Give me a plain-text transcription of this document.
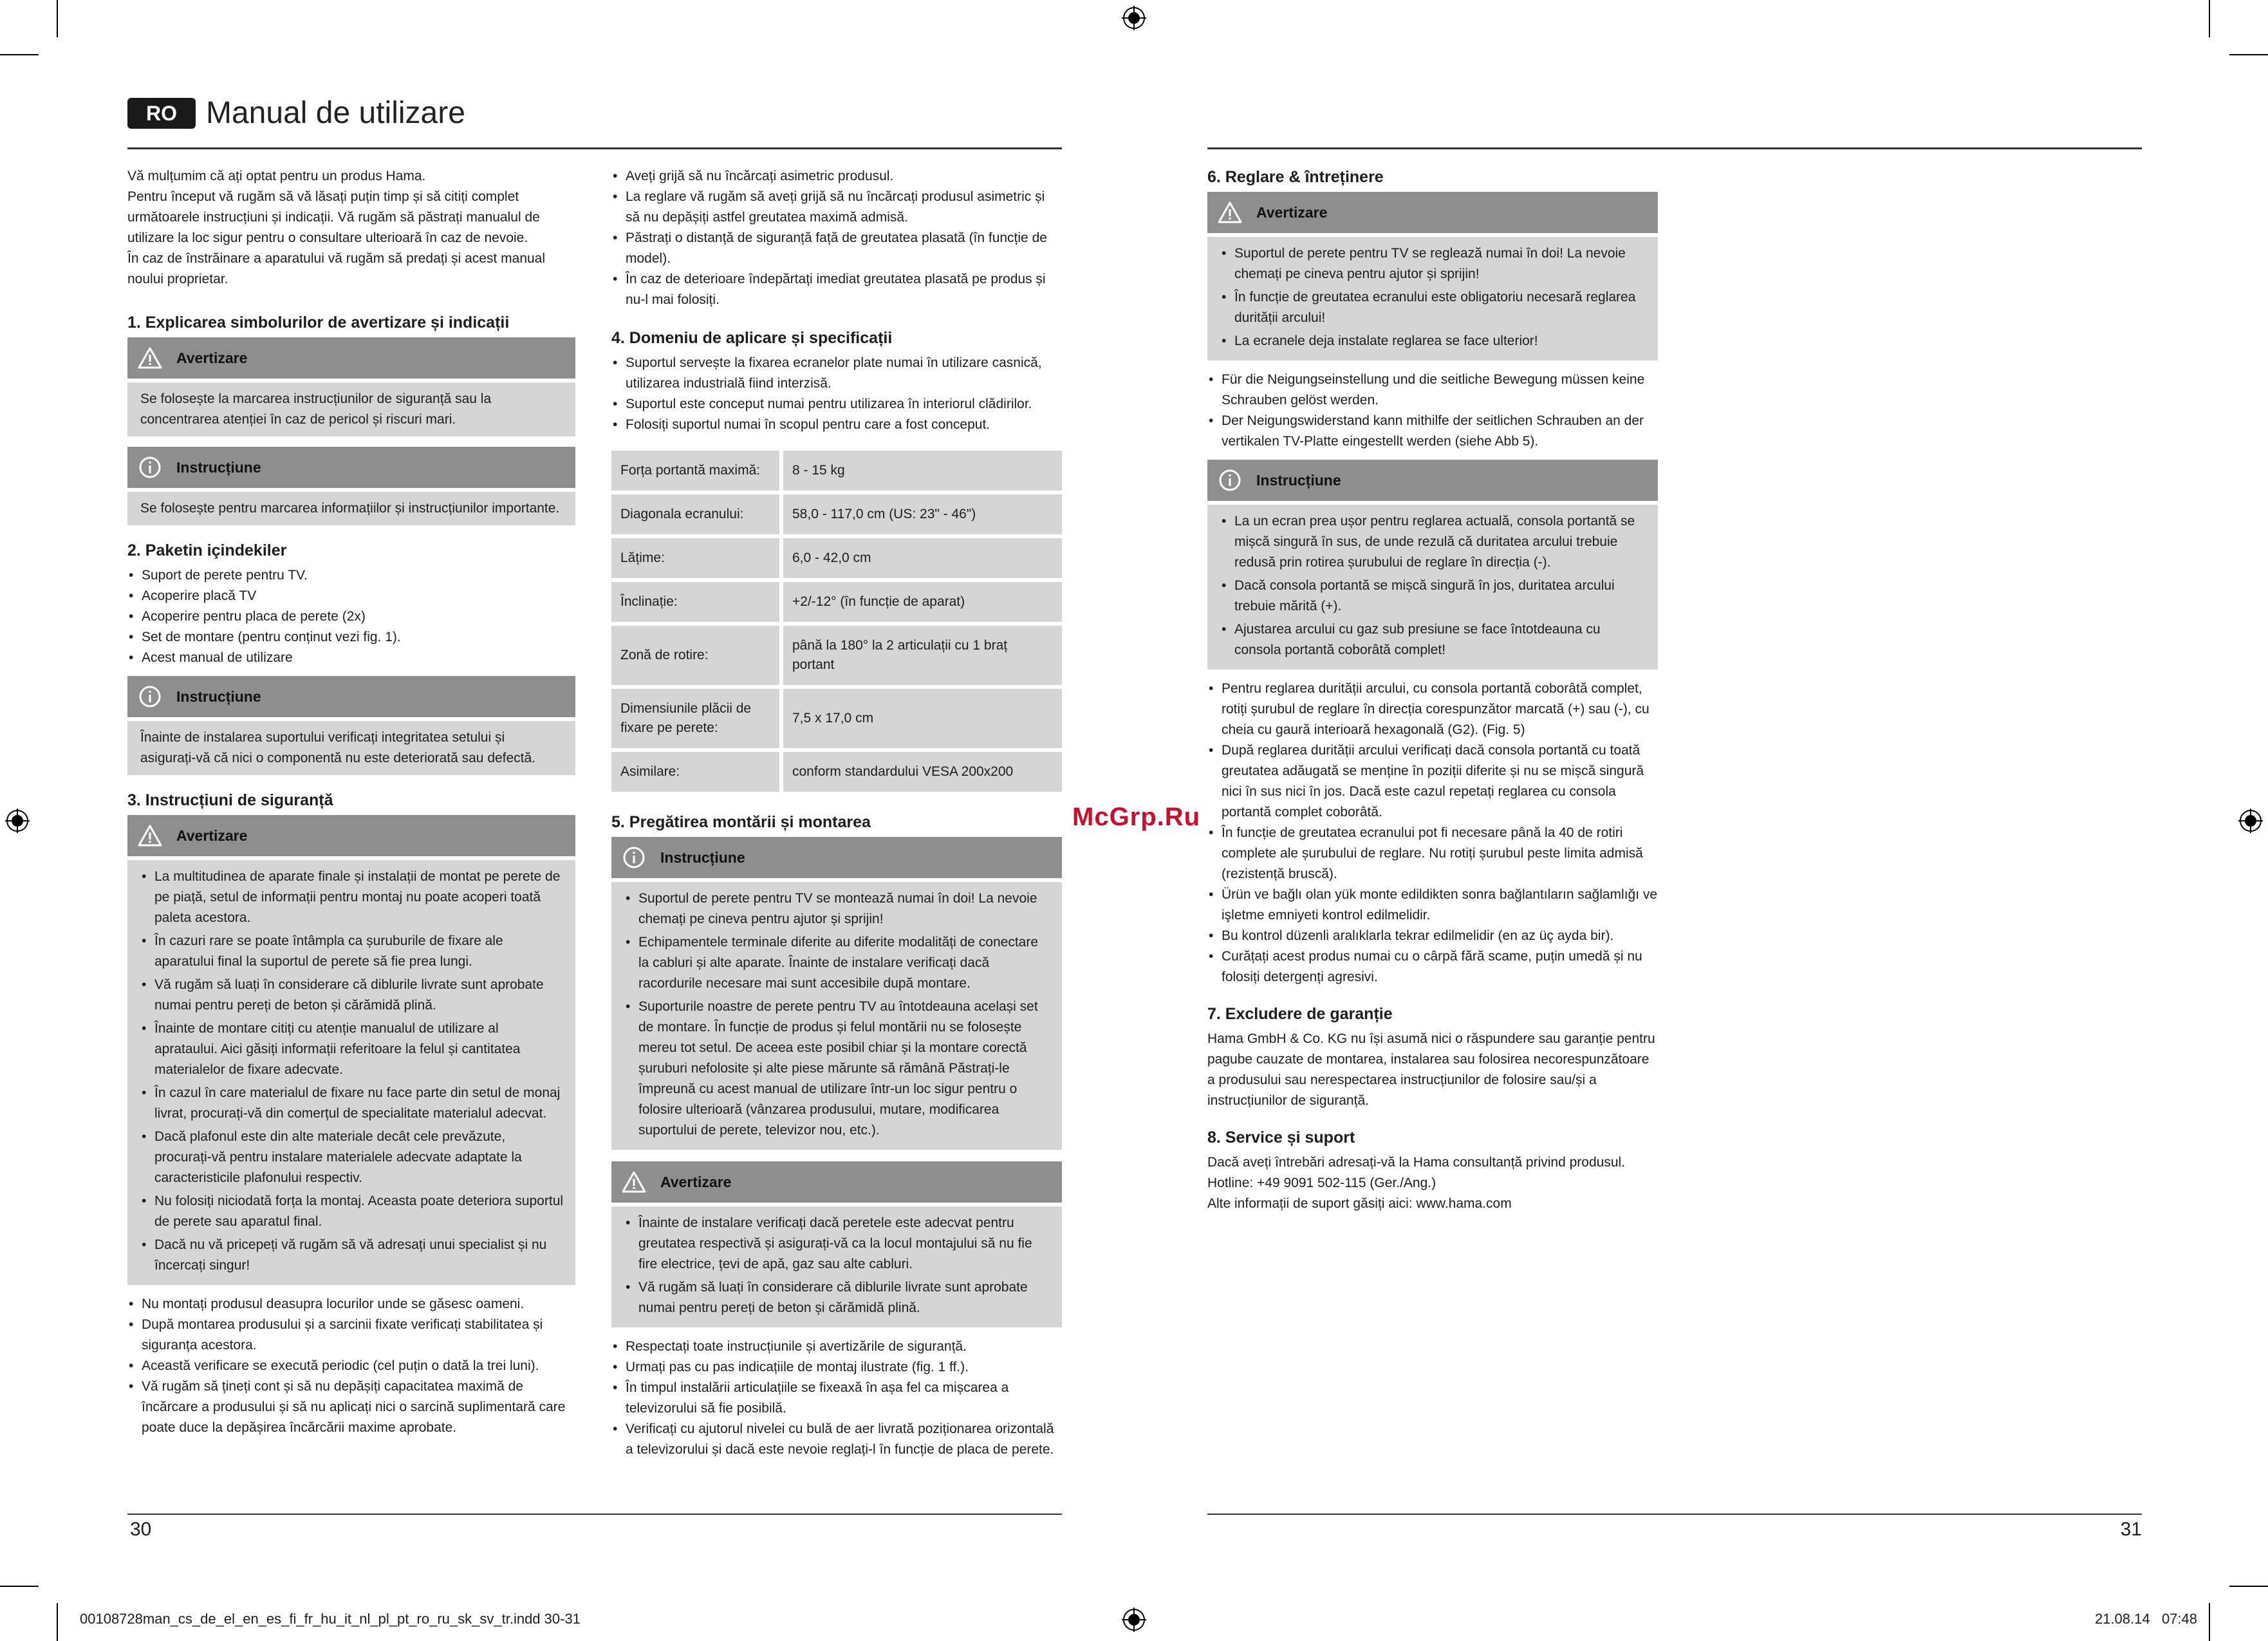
RO Manual de utilizare

Vă mulțumim că ați optat pentru un produs Hama.

Pentru început vă rugăm să vă lăsați puțin timp și să citiți complet următoarele instrucțiuni și indicații. Vă rugăm să păstrați manualul de utilizare la loc sigur pentru o consultare ulterioară în caz de nevoie.

În caz de înstrăinare a aparatului vă rugăm să predați și acest manual noului proprietar.

1. Explicarea simbolurilor de avertizare și indicații
Avertizare

Se folosește la marcarea instrucțiunilor de siguranță sau la concentrarea atenției în caz de pericol și riscuri mari.

Instrucțiune

Se folosește pentru marcarea informațiilor și instrucțiunilor importante.

2. Paketin içindekiler
• Suport de perete pentru TV.
• Acoperire placă TV
• Acoperire pentru placa de perete (2x)
• Set de montare (pentru conținut vezi fig. 1).
• Acest manual de utilizare
Instrucțiune

Înainte de instalarea suportului verificați integritatea setului și asigurați-vă că nici o componentă nu este deteriorată sau defectă.

3. Instrucțiuni de siguranță
Avertizare
• La multitudinea de aparate finale și instalații de montat pe perete de pe piață, setul de informații pentru montaj nu poate acoperi toată paleta acestora.
• În cazuri rare se poate întâmpla ca șuruburile de fixare ale aparatului final la suportul de perete să fie prea lungi.
• Vă rugăm să luați în considerare că diblurile livrate sunt aprobate numai pentru pereți de beton și cărămidă plină.
• Înainte de montare citiți cu atenție manualul de utilizare al aprataului. Aici găsiți informații referitoare la felul și cantitatea materialelor de fixare adecvate.
• În cazul în care materialul de fixare nu face parte din setul de monaj livrat, procurați-vă din comerțul de specialitate materialul adecvat.
• Dacă plafonul este din alte materiale decât cele prevăzute, procurați-vă pentru instalare materialele adecvate adaptate la caracteristicile plafonului respectiv.
• Nu folosiți niciodată forța la montaj. Aceasta poate deteriora suportul de perete sau aparatul final.
• Dacă nu vă pricepeți vă rugăm să vă adresați unui specialist și nu încercați singur!
• Nu montați produsul deasupra locurilor unde se găsesc oameni.
• După montarea produsului și a sarcinii fixate verificați stabilitatea și siguranța acestora.
• Această verificare se execută periodic (cel puțin o dată la trei luni).
• Vă rugăm să țineți cont și să nu depășiți capacitatea maximă de încărcare a produsului și să nu aplicați nici o sarcină suplimentară care poate duce la depășirea încărcării maxime aprobate.
• Aveți grijă să nu încărcați asimetric produsul.
• La reglare vă rugăm să aveți grijă să nu încărcați produsul asimetric și să nu depășiți astfel greutatea maximă admisă.
• Păstrați o distanță de siguranță față de greutatea plasată (în funcție de model).
• În caz de deterioare îndepărtați imediat greutatea plasată pe produs și nu-l mai folosiți.
4. Domeniu de aplicare și specificații
• Suportul servește la fixarea ecranelor plate numai în utilizare casnică, utilizarea industrială fiind interzisă.
• Suportul este conceput numai pentru utilizarea în interiorul clădirilor.
• Folosiți suportul numai în scopul pentru care a fost conceput.
Forța portantă maximă:	8 - 15 kg
Diagonala ecranului:	58,0 - 117,0 cm (US: 23" - 46")
Lățime:	6,0 - 42,0 cm
Înclinație:	+2/-12° (în funcție de aparat)
Zonă de rotire:	până la 180° la 2 articulații cu 1 braț portant
Dimensiunile plăcii de fixare pe perete:	7,5 x 17,0 cm
Asimilare:	conform standardului VESA 200x200
5. Pregătirea montării și montarea
Instrucțiune
• Suportul de perete pentru TV se montează numai în doi! La nevoie chemați pe cineva pentru ajutor și sprijin!
• Echipamentele terminale diferite au diferite modalități de conectare la cabluri și alte aparate. Înainte de instalare verificați dacă racordurile necesare mai sunt accesibile după montare.
• Suporturile noastre de perete pentru TV au întotdeauna același set de montare. În funcție de produs și felul montării nu se folosește mereu tot setul. De aceea este posibil chiar și la montare corectă șuruburi nefolosite și alte piese mărunte să rămână Păstrați-le împreună cu acest manual de utilizare într-un loc sigur pentru o folosire ulterioară (vânzarea produsului, mutare, modificarea suportului de perete, televizor nou, etc.).
Avertizare
• Înainte de instalare verificați dacă peretele este adecvat pentru greutatea respectivă și asigurați-vă ca la locul montajului să nu fie fire electrice, țevi de apă, gaz sau alte cabluri.
• Vă rugăm să luați în considerare că diblurile livrate sunt aprobate numai pentru pereți de beton și cărămidă plină.
• Respectați toate instrucțiunile și avertizările de siguranță.
• Urmați pas cu pas indicațiile de montaj ilustrate (fig. 1 ff.).
• În timpul instalării articulațiile se fixeaxă în așa fel ca mișcarea a televizorului să fie posibilă.
• Verificați cu ajutorul nivelei cu bulă de aer livrată poziționarea orizontală a televizorului și dacă este nevoie reglați-l în funcție de placa de perete.
McGrp.Ru
6. Reglare & întreținere
Avertizare
• Suportul de perete pentru TV se reglează numai în doi! La nevoie chemați pe cineva pentru ajutor și sprijin!
• În funcție de greutatea ecranului este obligatoriu necesară reglarea durității arcului!
• La ecranele deja instalate reglarea se face ulterior!
• Für die Neigungseinstellung und die seitliche Bewegung müssen keine Schrauben gelöst werden.
• Der Neigungswiderstand kann mithilfe der seitlichen Schrauben an der vertikalen TV-Platte eingestellt werden (siehe Abb 5).
Instrucțiune
• La un ecran prea ușor pentru reglarea actuală, consola portantă se mișcă singură în sus, de unde rezulă că duritatea arcului trebuie redusă prin rotirea șurubului de reglare în direcția (-).
• Dacă consola portantă se mișcă singură în jos, duritatea arcului trebuie mărită (+).
• Ajustarea arcului cu gaz sub presiune se face întotdeauna cu consola portantă coborâtă complet!
• Pentru reglarea durității arcului, cu consola portantă coborâtă complet, rotiți șurubul de reglare în direcția corespunzător marcată (+) sau (-), cu cheia cu gaură interioară hexagonală (G2). (Fig. 5)
• După reglarea durității arcului verificați dacă consola portantă cu toată greutatea adăugată se menține în poziții diferite și nu se mișcă singură nici în sus nici în jos. Dacă este cazul repetați reglarea cu consola portantă complet coborâtă.
• În funcție de greutatea ecranului pot fi necesare până la 40 de rotiri complete ale șurubului de reglare. Nu rotiți șurubul peste limita admisă (rezistență bruscă).
• Ürün ve bağlı olan yük monte edildikten sonra bağlantıların sağlamlığı ve işletme emniyeti kontrol edilmelidir.
• Bu kontrol düzenli aralıklarla tekrar edilmelidir (en az üç ayda bir).
• Curățați acest produs numai cu o cârpă fără scame, puțin umedă și nu folosiți detergenți agresivi.
7. Excludere de garanție

Hama GmbH & Co. KG nu își asumă nici o răspundere sau garanție pentru pagube cauzate de montarea, instalarea sau folosirea necorespunzătoare a produsului sau nerespectarea instrucțiunilor de folosire sau/și a instrucțiunilor de siguranță.

8. Service și suport

Dacă aveți întrebări adresați-vă la Hama consultanță privind produsul.

Hotline: +49 9091 502-115 (Ger./Ang.)

Alte informații de suport găsiți aici: www.hama.com

30	31
00108728man_cs_de_el_en_es_fi_fr_hu_it_nl_pl_pt_ro_ru_sk_sv_tr.indd 30-31	21.08.14   07:48
